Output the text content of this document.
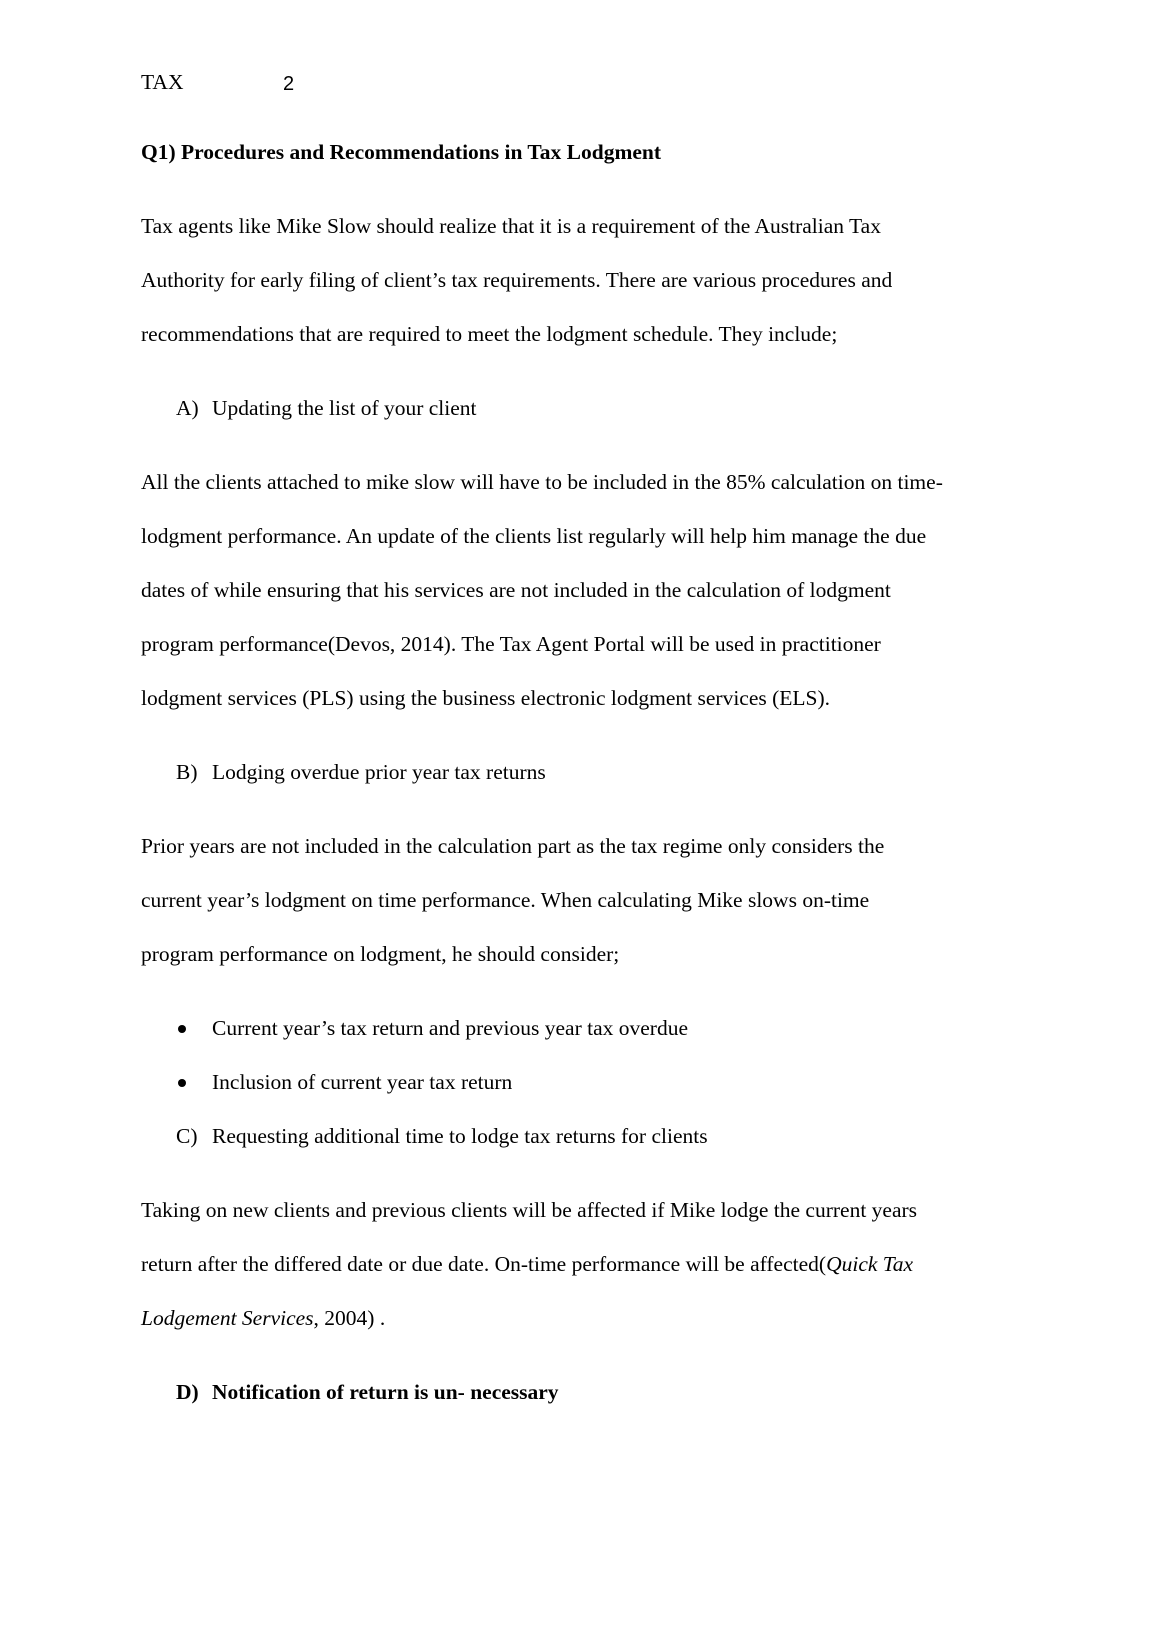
TAX	2
Q1) Procedures and Recommendations in Tax Lodgment
Tax agents like Mike Slow should realize that it is a requirement of the Australian Tax
Authority for early filing of client’s tax requirements. There are various procedures and
recommendations that are required to meet the lodgment schedule. They include;
A) Updating the list of your client
All the clients attached to mike slow will have to be included in the 85% calculation on time-
lodgment performance. An update of the clients list regularly will help him manage the due
dates of while ensuring that his services are not included in the calculation of lodgment
program performance(Devos, 2014). The Tax Agent Portal will be used in practitioner
lodgment services (PLS) using the business electronic lodgment services (ELS).
B) Lodging overdue prior year tax returns
Prior years are not included in the calculation part as the tax regime only considers the
current year’s lodgment on time performance. When calculating Mike slows on-time
program performance on lodgment, he should consider;
Current year’s tax return and previous year tax overdue
Inclusion of current year tax return
C) Requesting additional time to lodge tax returns for clients
Taking on new clients and previous clients will be affected if Mike lodge the current years
return after the differed date or due date. On-time performance will be affected(Quick Tax
Lodgement Services, 2004) .
D) Notification of return is un- necessary
